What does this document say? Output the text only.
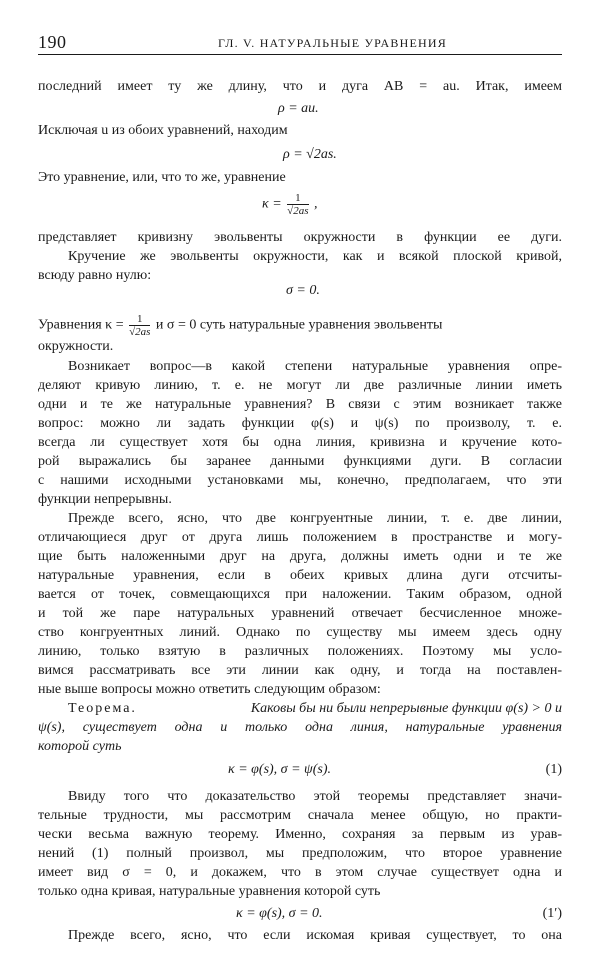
190	ГЛ. V. НАТУРАЛЬНЫЕ УРАВНЕНИЯ
последний имеет ту же длину, что и дуга AB = au. Итак, имеем
ρ = au.
Исключая u из обоих уравнений, находим
ρ = √2as.
Это уравнение, или, что то же, уравнение
$\kappa = \frac{1}{√2as}$ ,
представляет кривизну эвольвенты окружности в функции ее дуги.
Кручение же эвольвенты окружности, как и всякой плоской кривой,
всюду равно нулю:
σ = 0.
Уравнения $\kappa = \frac{1}{√2as}$ и σ = 0 суть натуральные уравнения эвольвенты
окружности.
Возникает вопрос—в какой степени натуральные уравнения опре-
деляют кривую линию, т. е. не могут ли две различные линии иметь
одни и те же натуральные уравнения? В связи с этим возникает также
вопрос: можно ли задать функции φ(s) и ψ(s) по произволу, т. е.
всегда ли существует хотя бы одна линия, кривизна и кручение кото-
рой выражались бы заранее данными функциями дуги. В согласии
с нашими исходными установками мы, конечно, предполагаем, что эти
функции непрерывны.
Прежде всего, ясно, что две конгруентные линии, т. е. две линии,
отличающиеся друг от друга лишь положением в пространстве и могу-
щие быть наложенными друг на друга, должны иметь одни и те же
натуральные уравнения, если в обеих кривых длина дуги отсчиты-
вается от точек, совмещающихся при наложении. Таким образом, одной
и той же паре натуральных уравнений отвечает бесчисленное множе-
ство конгруентных линий. Однако по существу мы имеем здесь одну
линию, только взятую в различных положениях. Поэтому мы усло-
вимся рассматривать все эти линии как одну, и тогда на поставлен-
ные выше вопросы можно ответить следующим образом:
Теорема.	Каковы бы ни были непрерывные функции φ(s) > 0 и
ψ(s), существует одна и только одна линия, натуральные уравнения
которой суть
κ = φ(s), σ = ψ(s).	(1)
Ввиду того что доказательство этой теоремы представляет значи-
тельные трудности, мы рассмотрим сначала менее общую, но практи-
чески весьма важную теорему. Именно, сохраняя за первым из урав-
нений (1) полный произвол, мы предположим, что второе уравнение
имеет вид σ = 0, и докажем, что в этом случае существует одна и
только одна кривая, натуральные уравнения которой суть
κ = φ(s), σ = 0.	(1′)
Прежде всего, ясно, что если искомая кривая существует, то она
